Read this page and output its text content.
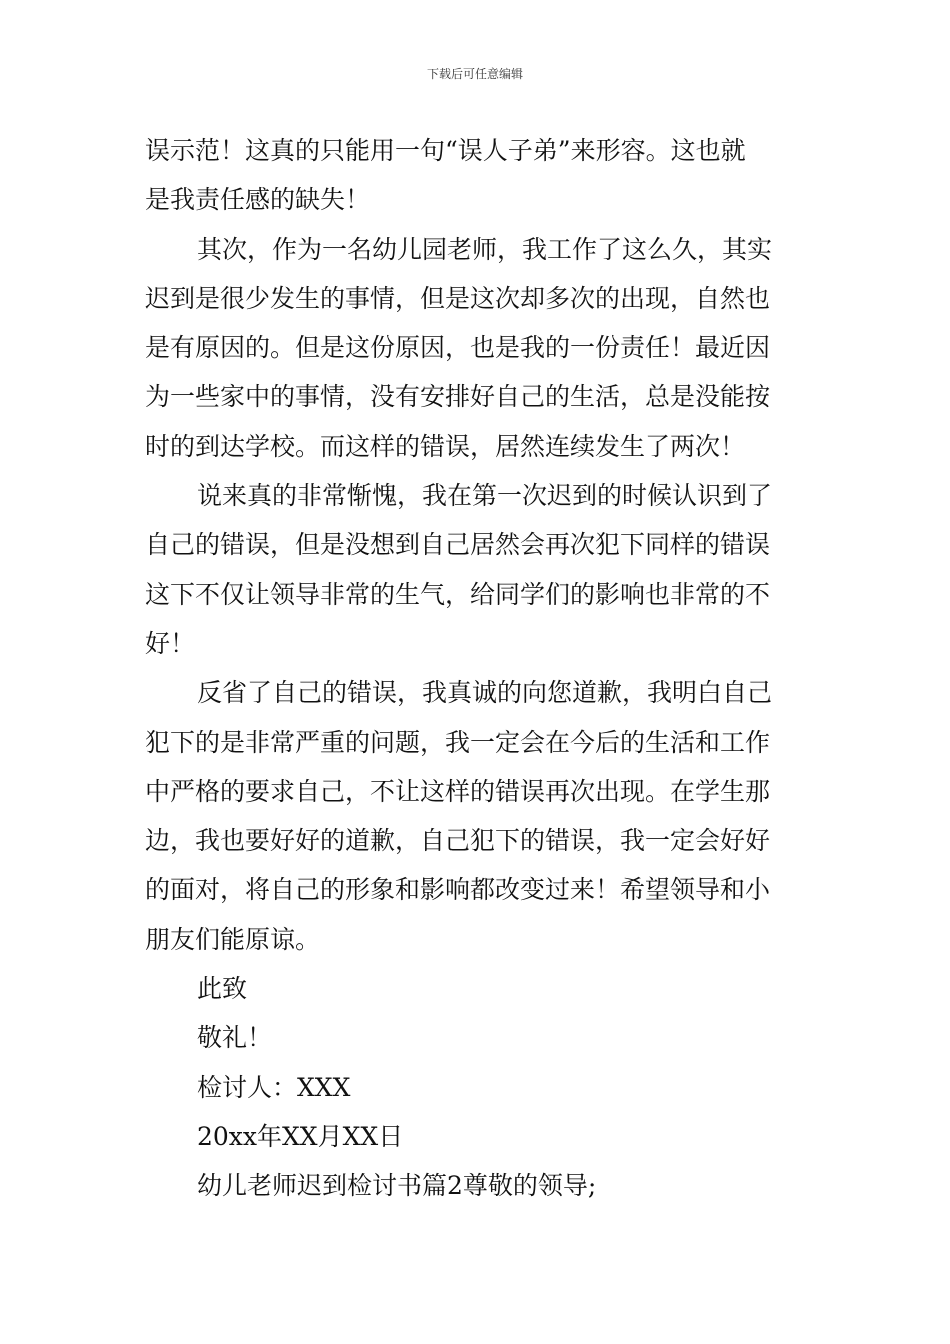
下载后可任意编辑
误示范！这真的只能用一句“误人子弟”来形容。这也就
是我责任感的缺失！
其次，作为一名幼儿园老师，我工作了这么久，其实
迟到是很少发生的事情，但是这次却多次的出现，自然也
是有原因的。但是这份原因，也是我的一份责任！最近因
为一些家中的事情，没有安排好自己的生活，总是没能按
时的到达学校。而这样的错误，居然连续发生了两次！
说来真的非常惭愧，我在第一次迟到的时候认识到了
自己的错误，但是没想到自己居然会再次犯下同样的错误
这下不仅让领导非常的生气，给同学们的影响也非常的不
好！
反省了自己的错误，我真诚的向您道歉，我明白自己
犯下的是非常严重的问题，我一定会在今后的生活和工作
中严格的要求自己，不让这样的错误再次出现。在学生那
边，我也要好好的道歉，自己犯下的错误，我一定会好好
的面对，将自己的形象和影响都改变过来！希望领导和小
朋友们能原谅。
此致
敬礼！
检讨人：XXX
20xx年XX月XX日
幼儿老师迟到检讨书篇2尊敬的领导;
